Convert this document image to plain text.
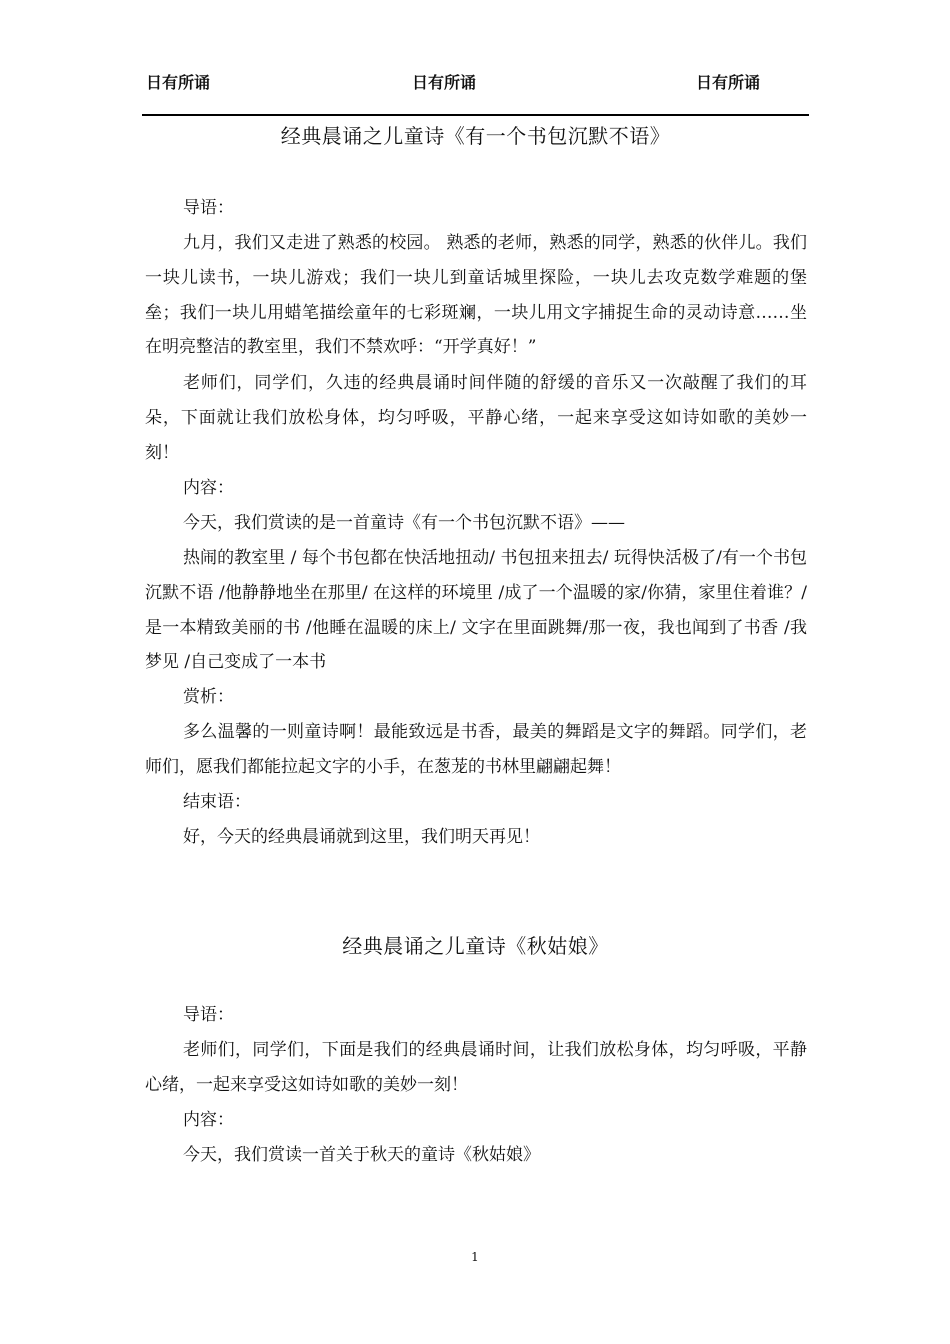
日有所诵	日有所诵	日有所诵
经典晨诵之儿童诗《有一个书包沉默不语》
导语：
九月，我们又走进了熟悉的校园。 熟悉的老师，熟悉的同学，熟悉的伙伴儿。我们一块儿读书，一块儿游戏；我们一块儿到童话城里探险，一块儿去攻克数学难题的堡垒；我们一块儿用蜡笔描绘童年的七彩斑斓，一块儿用文字捕捉生命的灵动诗意……坐在明亮整洁的教室里，我们不禁欢呼：“开学真好！”
老师们，同学们，久违的经典晨诵时间伴随的舒缓的音乐又一次敲醒了我们的耳朵，下面就让我们放松身体，均匀呼吸，平静心绪，一起来享受这如诗如歌的美妙一刻！
内容：
今天，我们赏读的是一首童诗《有一个书包沉默不语》——
热闹的教室里 / 每个书包都在快活地扭动/ 书包扭来扭去/ 玩得快活极了/有一个书包沉默不语 /他静静地坐在那里/ 在这样的环境里 /成了一个温暖的家/你猜，家里住着谁？/是一本精致美丽的书 /他睡在温暖的床上/ 文字在里面跳舞/那一夜，我也闻到了书香 /我梦见 /自己变成了一本书
赏析：
多么温馨的一则童诗啊！最能致远是书香，最美的舞蹈是文字的舞蹈。同学们，老师们，愿我们都能拉起文字的小手，在葱茏的书林里翩翩起舞！
结束语：
好，今天的经典晨诵就到这里，我们明天再见！
经典晨诵之儿童诗《秋姑娘》
导语：
老师们，同学们，下面是我们的经典晨诵时间，让我们放松身体，均匀呼吸，平静心绪，一起来享受这如诗如歌的美妙一刻！
内容：
今天，我们赏读一首关于秋天的童诗《秋姑娘》
1
